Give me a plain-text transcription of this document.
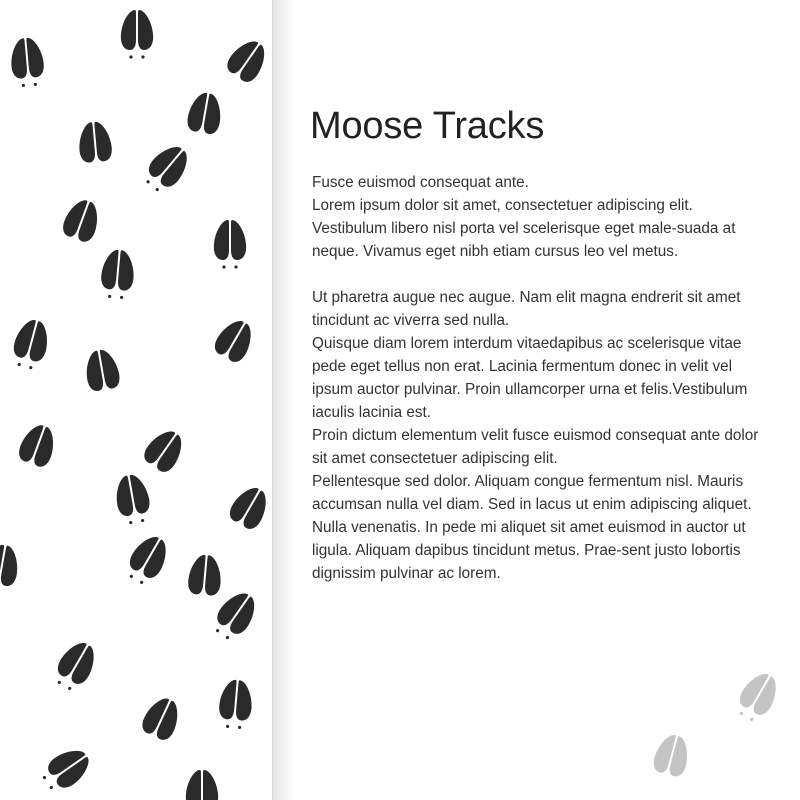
Moose Tracks

Fusce euismod consequat ante.

Lorem ipsum dolor sit amet, consectetuer adipiscing elit. Vestibulum libero nisl porta vel scelerisque eget male-suada at neque. Vivamus eget nibh etiam cursus leo vel metus.

Ut pharetra augue nec augue. Nam elit magna endrerit sit amet tincidunt ac viverra sed nulla.

Quisque diam lorem interdum vitaedapibus ac scelerisque vitae pede eget tellus non erat. Lacinia fermentum donec in velit vel ipsum auctor pulvinar. Proin ullamcorper urna et felis.Vestibulum iaculis lacinia est.

Proin dictum elementum velit fusce euismod consequat ante dolor sit amet consectetuer adipiscing elit.

Pellentesque sed dolor. Aliquam congue fermentum nisl. Mauris accumsan nulla vel diam. Sed in lacus ut enim adipiscing aliquet.

Nulla venenatis. In pede mi aliquet sit amet euismod in auctor ut ligula. Aliquam dapibus tincidunt metus. Prae-sent justo lobortis dignissim pulvinar ac lorem.
